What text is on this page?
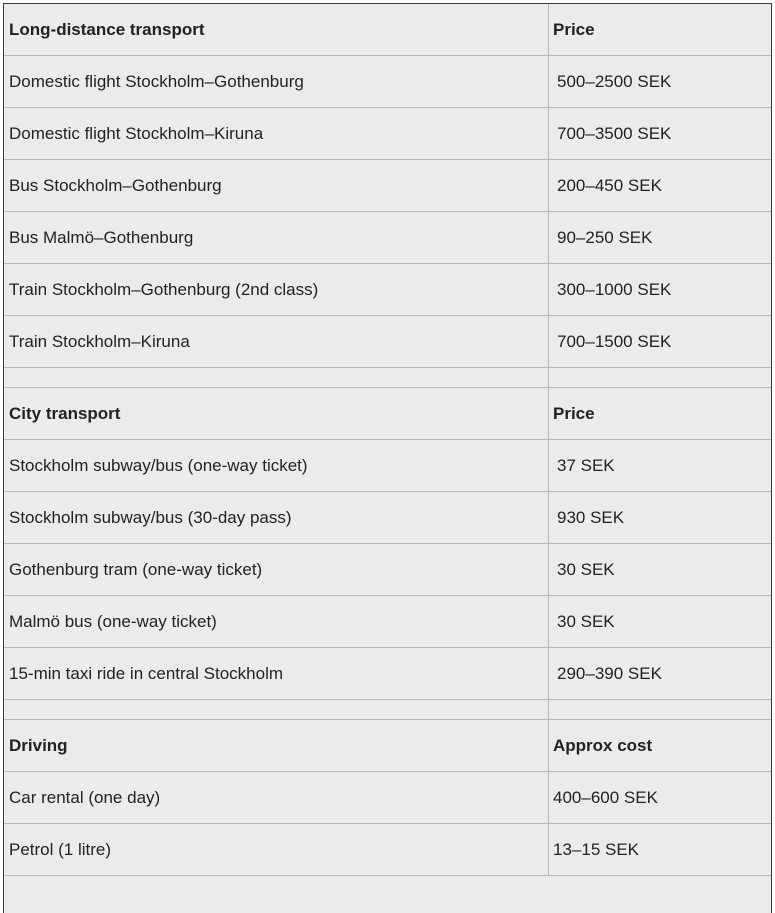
Long-distance transport	Price
Domestic flight Stockholm–Gothenburg	500–2500 SEK
Domestic flight Stockholm–Kiruna	700–3500 SEK
Bus Stockholm–Gothenburg	200–450 SEK
Bus Malmö–Gothenburg	90–250 SEK
Train Stockholm–Gothenburg (2nd class)	300–1000 SEK
Train Stockholm–Kiruna	700–1500 SEK
City transport	Price
Stockholm subway/bus (one-way ticket)	37 SEK
Stockholm subway/bus (30-day pass)	930 SEK
Gothenburg tram (one-way ticket)	30 SEK
Malmö bus (one-way ticket)	30 SEK
15-min taxi ride in central Stockholm	290–390 SEK
Driving	Approx cost
Car rental (one day)	400–600 SEK
Petrol (1 litre)	13–15 SEK
